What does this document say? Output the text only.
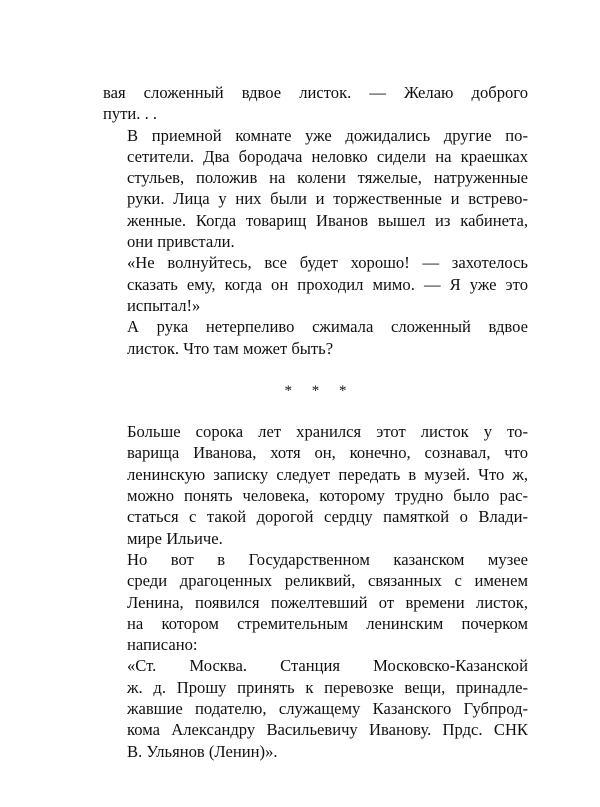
вая сложенный вдвое листок. — Желаю доброго
пути. . .
В приемной комнате уже дожидались другие по-
сетители. Два бородача неловко сидели на краешках
стульев, положив на колени тяжелые, натруженные
руки. Лица у них были и торжественные и встрево-
женные. Когда товарищ Иванов вышел из кабинета,
они привстали.
«Не волнуйтесь, все будет хорошо! — захотелось
сказать ему, когда он проходил мимо. — Я уже это
испытал!»
А рука нетерпеливо сжимала сложенный вдвое
листок. Что там может быть?
* * *
Больше сорока лет хранился этот листок у то-
варища Иванова, хотя он, конечно, сознавал, что
ленинскую записку следует передать в музей. Что ж,
можно понять человека, которому трудно было рас-
статься с такой дорогой сердцу памяткой о Влади-
мире Ильиче.
Но вот в Государственном казанском музее
среди драгоценных реликвий, связанных с именем
Ленина, появился пожелтевший от времени листок,
на котором стремительным ленинским почерком
написано:
«Ст. Москва. Станция Московско-Казанской
ж. д. Прошу принять к перевозке вещи, принадле-
жавшие подателю, служащему Казанского Губпрод-
кома Александру Васильевичу Иванову. Прдс. СНК
В. Ульянов (Ленин)».
